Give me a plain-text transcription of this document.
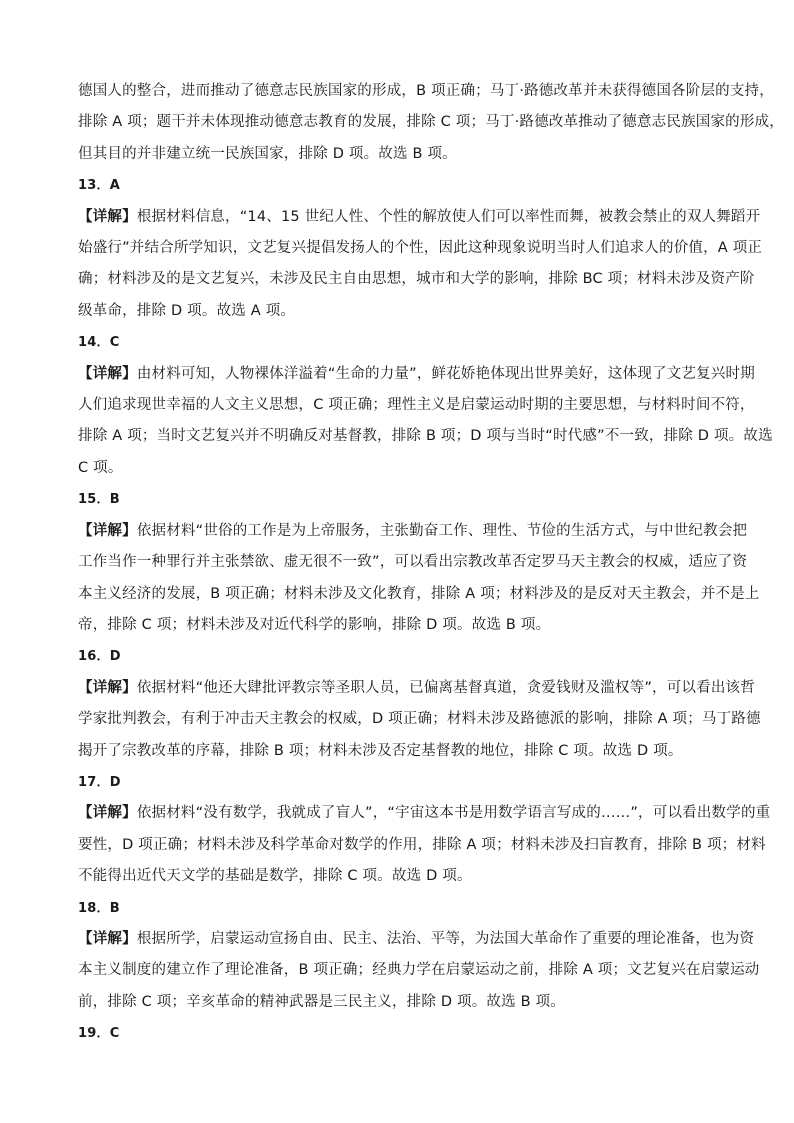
德国人的整合，进而推动了德意志民族国家的形成，B 项正确；马丁·路德改革并未获得德国各阶层的支持，
排除 A 项；题干并未体现推动德意志教育的发展，排除 C 项；马丁·路德改革推动了德意志民族国家的形成，
但其目的并非建立统一民族国家，排除 D 项。故选 B 项。
13．A
【详解】根据材料信息，“14、15 世纪人性、个性的解放使人们可以率性而舞，被教会禁止的双人舞蹈开
始盛行”并结合所学知识，文艺复兴提倡发扬人的个性，因此这种现象说明当时人们追求人的价值，A 项正
确；材料涉及的是文艺复兴，未涉及民主自由思想，城市和大学的影响，排除 BC 项；材料未涉及资产阶
级革命，排除 D 项。故选 A 项。
14．C
【详解】由材料可知，人物裸体洋溢着“生命的力量”，鲜花娇艳体现出世界美好，这体现了文艺复兴时期
人们追求现世幸福的人文主义思想，C 项正确；理性主义是启蒙运动时期的主要思想，与材料时间不符，
排除 A 项；当时文艺复兴并不明确反对基督教，排除 B 项；D 项与当时“时代感”不一致，排除 D 项。故选
C 项。
15．B
【详解】依据材料“世俗的工作是为上帝服务，主张勤奋工作、理性、节俭的生活方式，与中世纪教会把
工作当作一种罪行并主张禁欲、虚无很不一致”，可以看出宗教改革否定罗马天主教会的权威，适应了资
本主义经济的发展，B 项正确；材料未涉及文化教育，排除 A 项；材料涉及的是反对天主教会，并不是上
帝，排除 C 项；材料未涉及对近代科学的影响，排除 D 项。故选 B 项。
16．D
【详解】依据材料“他还大肆批评教宗等圣职人员，已偏离基督真道，贪爱钱财及滥权等”，可以看出该哲
学家批判教会，有利于冲击天主教会的权威，D 项正确；材料未涉及路德派的影响，排除 A 项；马丁路德
揭开了宗教改革的序幕，排除 B 项；材料未涉及否定基督教的地位，排除 C 项。故选 D 项。
17．D
【详解】依据材料“没有数学，我就成了盲人”，“宇宙这本书是用数学语言写成的……”，可以看出数学的重
要性，D 项正确；材料未涉及科学革命对数学的作用，排除 A 项；材料未涉及扫盲教育，排除 B 项；材料
不能得出近代天文学的基础是数学，排除 C 项。故选 D 项。
18．B
【详解】根据所学，启蒙运动宣扬自由、民主、法治、平等，为法国大革命作了重要的理论准备，也为资
本主义制度的建立作了理论准备，B 项正确；经典力学在启蒙运动之前，排除 A 项；文艺复兴在启蒙运动
前，排除 C 项；辛亥革命的精神武器是三民主义，排除 D 项。故选 B 项。
19．C
